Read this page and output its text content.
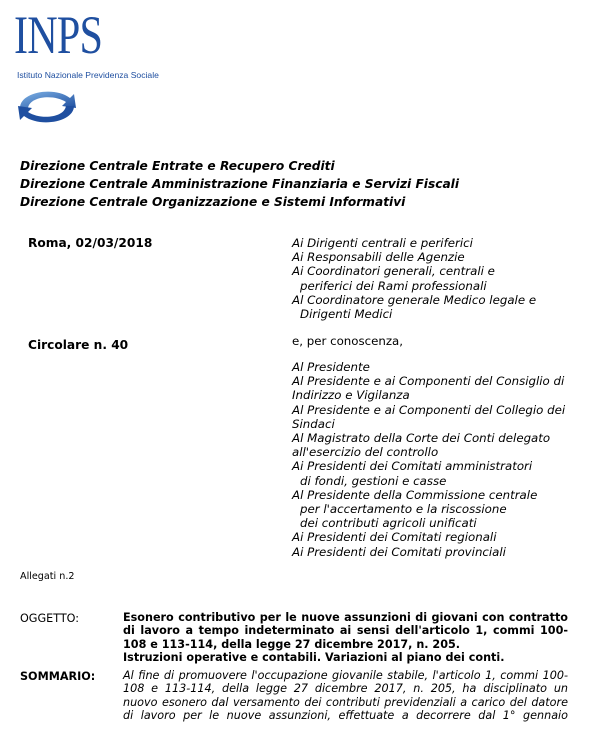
INPS
Istituto Nazionale Previdenza Sociale
Direzione Centrale Entrate e Recupero Crediti
Direzione Centrale Amministrazione Finanziaria e Servizi Fiscali
Direzione Centrale Organizzazione e Sistemi Informativi
Roma, 02/03/2018
Circolare n. 40
Ai Dirigenti centrali e periferici
Ai Responsabili delle Agenzie
Ai Coordinatori generali, centrali e
periferici dei Rami professionali
Al Coordinatore generale Medico legale e
Dirigenti Medici
e, per conoscenza,
Al Presidente
Al Presidente e ai Componenti del Consiglio di
Indirizzo e Vigilanza
Al Presidente e ai Componenti del Collegio dei
Sindaci
Al Magistrato della Corte dei Conti delegato
all'esercizio del controllo
Ai Presidenti dei Comitati amministratori
di fondi, gestioni e casse
Al Presidente della Commissione centrale
per l'accertamento e la riscossione
dei contributi agricoli unificati
Ai Presidenti dei Comitati regionali
Ai Presidenti dei Comitati provinciali
Allegati n.2
OGGETTO:	Esonero contributivo per le nuove assunzioni di giovani con contratto
di lavoro a tempo indeterminato ai sensi dell'articolo 1, commi 100-
108 e 113-114, della legge 27 dicembre 2017, n. 205.
Istruzioni operative e contabili. Variazioni al piano dei conti.
SOMMARIO: Al fine di promuovere l'occupazione giovanile stabile, l'articolo 1, commi 100-
108 e 113-114, della legge 27 dicembre 2017, n. 205, ha disciplinato un
nuovo esonero dal versamento dei contributi previdenziali a carico del datore
di lavoro per le nuove assunzioni, effettuate a decorrere dal 1° gennaio
